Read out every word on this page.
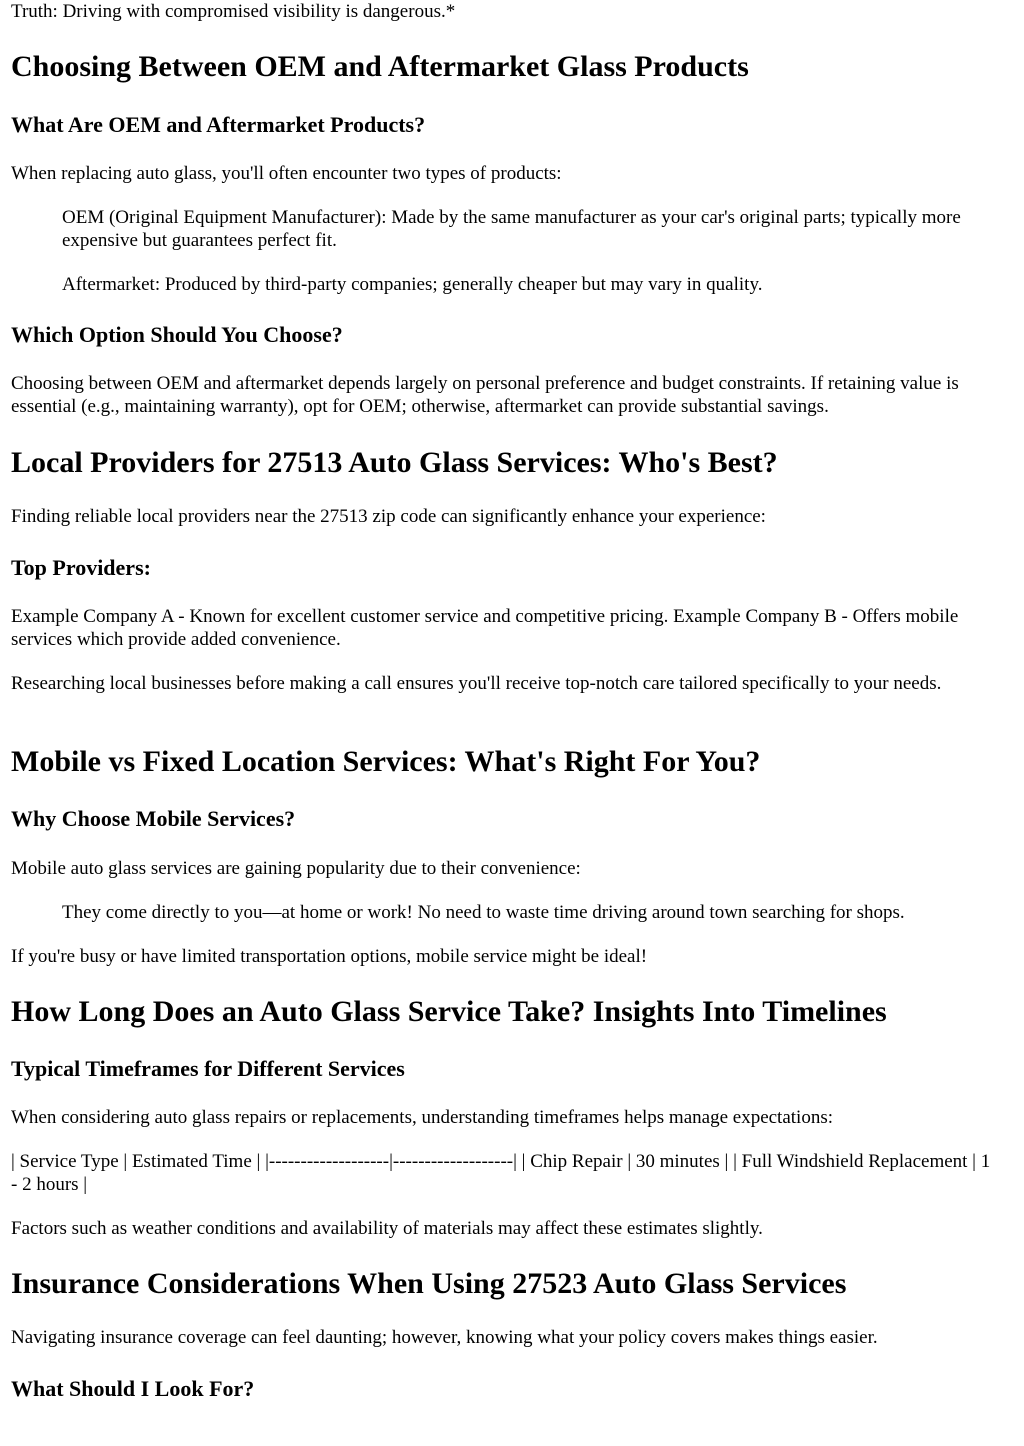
Truth: Driving with compromised visibility is dangerous.*

Choosing Between OEM and Aftermarket Glass Products
What Are OEM and Aftermarket Products?

When replacing auto glass, you'll often encounter two types of products:

OEM (Original Equipment Manufacturer): Made by the same manufacturer as your car's original parts; typically more expensive but guarantees perfect fit.

Aftermarket: Produced by third-party companies; generally cheaper but may vary in quality.

Which Option Should You Choose?

Choosing between OEM and aftermarket depends largely on personal preference and budget constraints. If retaining value is essential (e.g., maintaining warranty), opt for OEM; otherwise, aftermarket can provide substantial savings.

Local Providers for 27513 Auto Glass Services: Who's Best?

Finding reliable local providers near the 27513 zip code can significantly enhance your experience:

Top Providers:

Example Company A - Known for excellent customer service and competitive pricing. Example Company B - Offers mobile services which provide added convenience.

Researching local businesses before making a call ensures you'll receive top-notch care tailored specifically to your needs.

Mobile vs Fixed Location Services: What's Right For You?
Why Choose Mobile Services?

Mobile auto glass services are gaining popularity due to their convenience:

They come directly to you—at home or work! No need to waste time driving around town searching for shops.

If you're busy or have limited transportation options, mobile service might be ideal!

How Long Does an Auto Glass Service Take? Insights Into Timelines
Typical Timeframes for Different Services

When considering auto glass repairs or replacements, understanding timeframes helps manage expectations:

| Service Type | Estimated Time | |-------------------|-------------------| | Chip Repair | 30 minutes | | Full Windshield Replacement | 1 - 2 hours |

Factors such as weather conditions and availability of materials may affect these estimates slightly.

Insurance Considerations When Using 27523 Auto Glass Services

Navigating insurance coverage can feel daunting; however, knowing what your policy covers makes things easier.

What Should I Look For?
